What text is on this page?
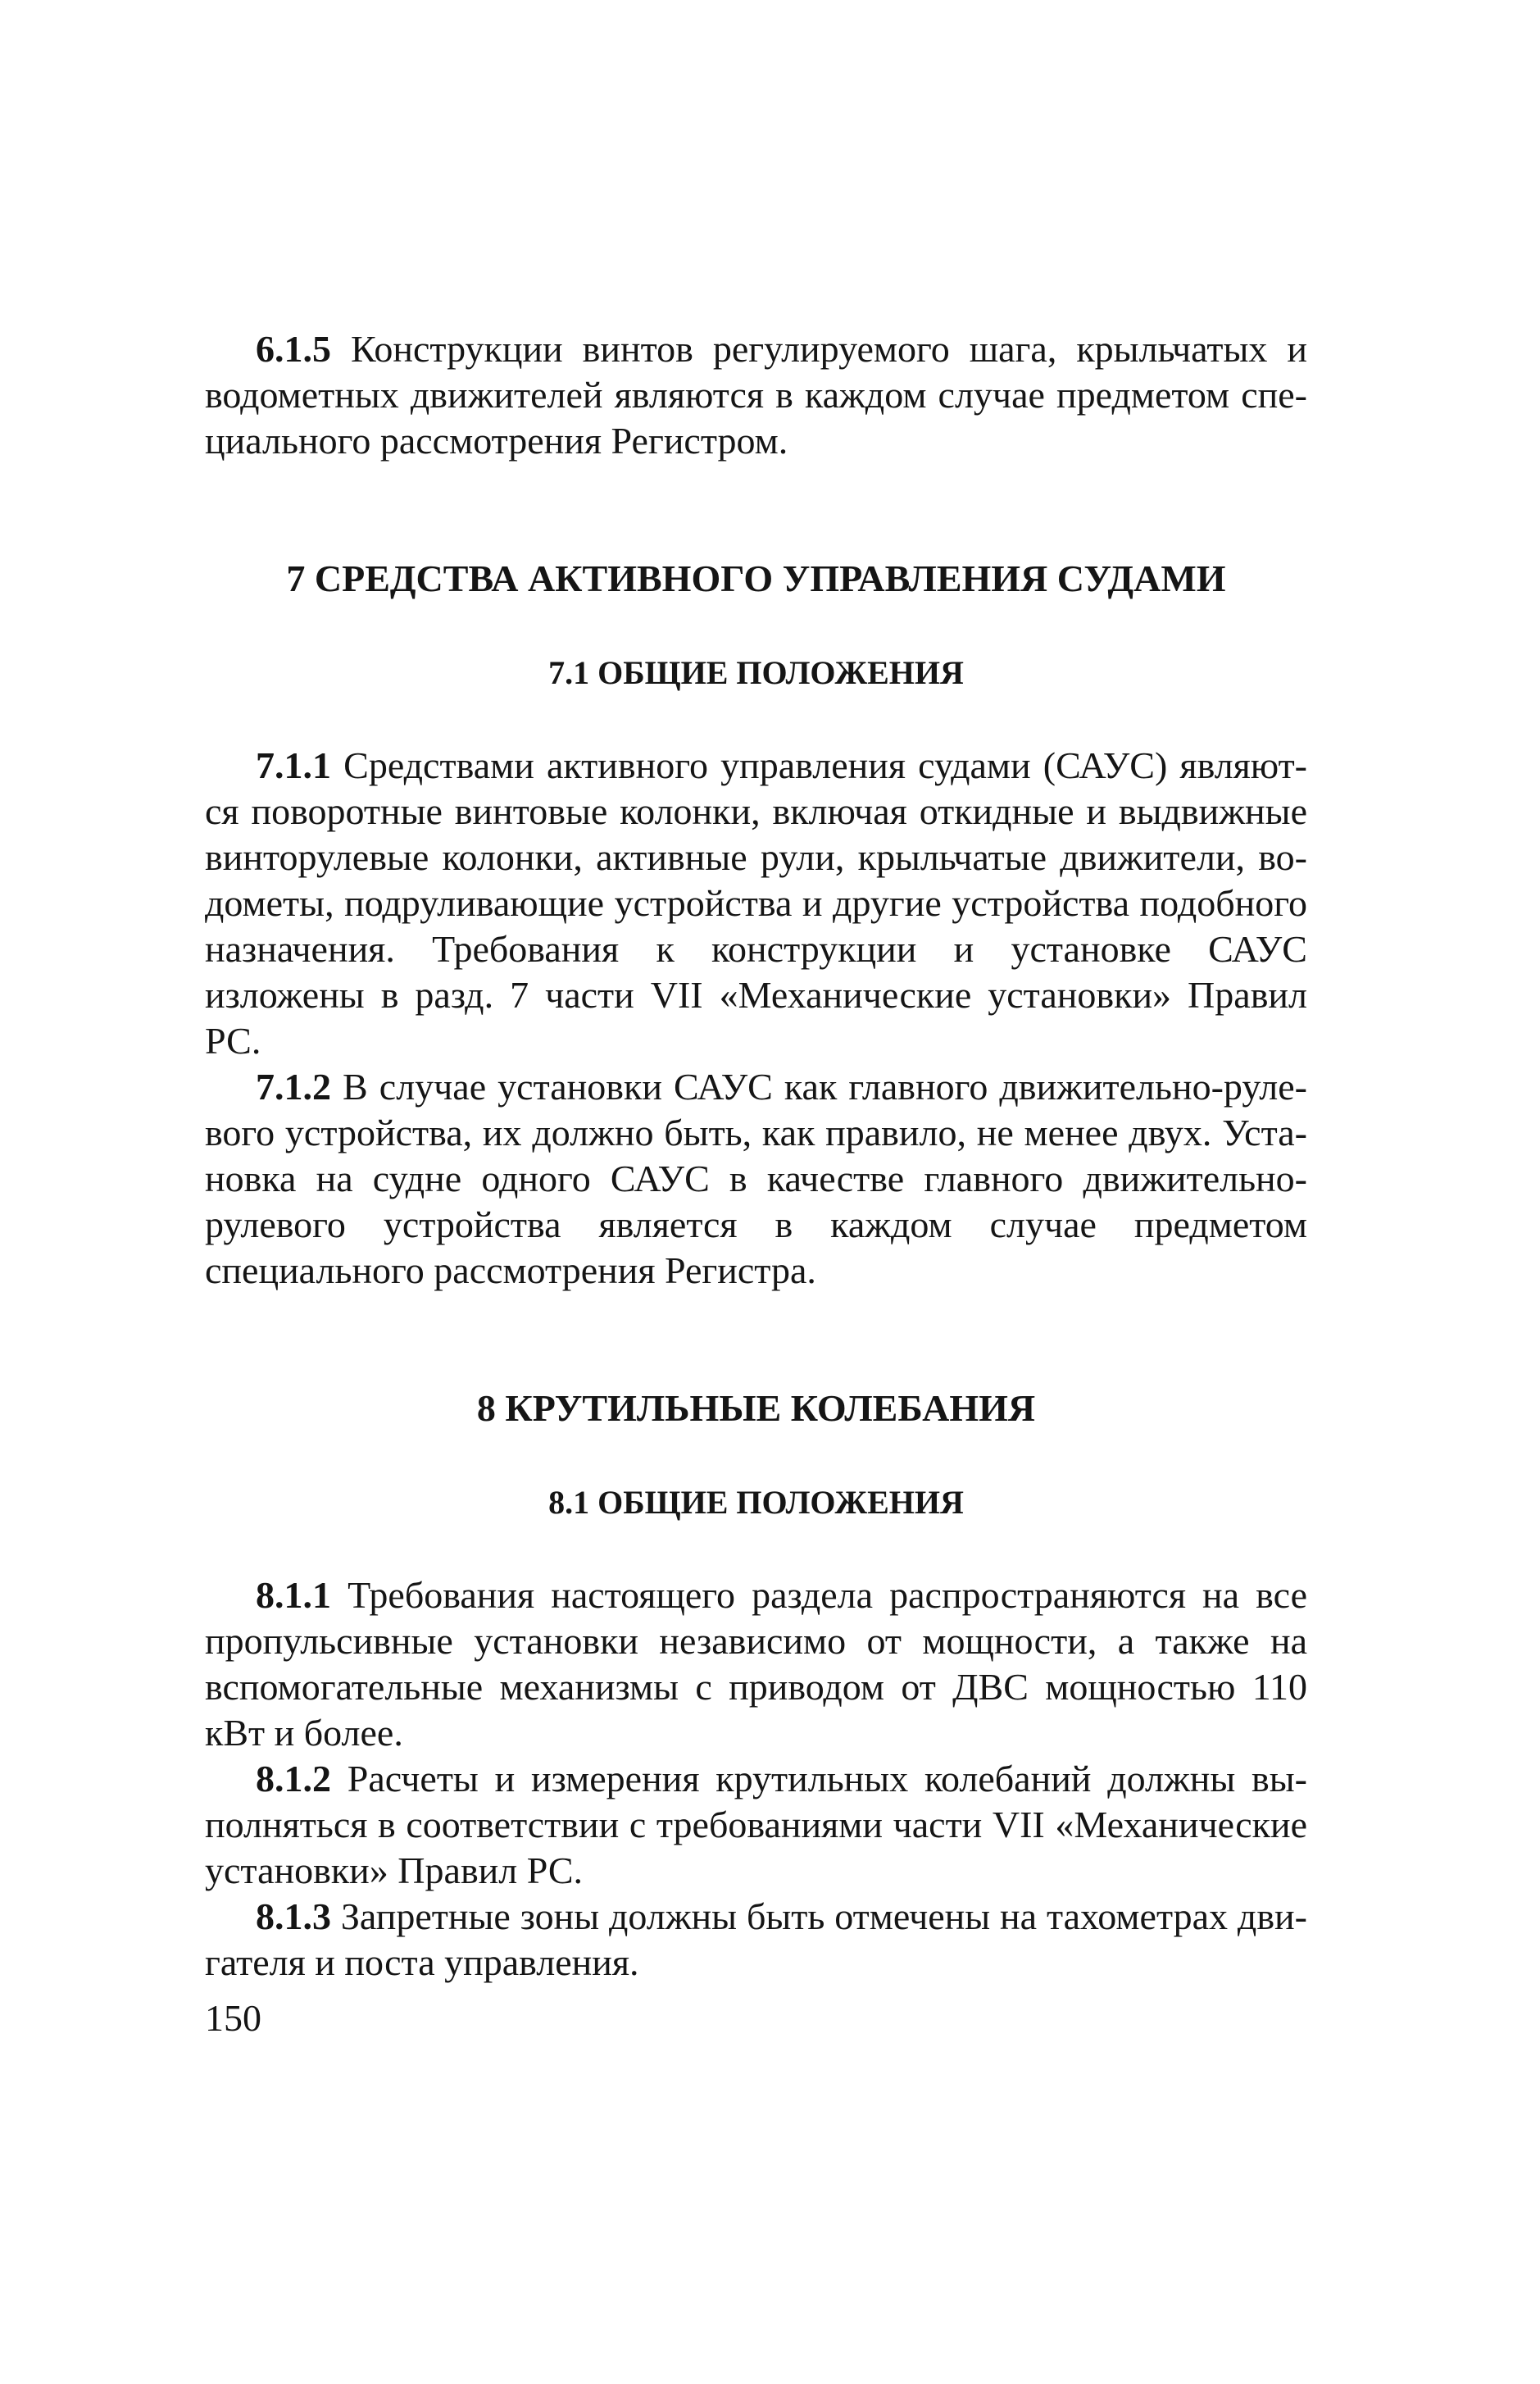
6.1.5 Конструкции винтов регулируемого шага, крыльчатых и водометных движителей являются в каждом случае предметом специального рассмотрения Регистром.

7 СРЕДСТВА АКТИВНОГО УПРАВЛЕНИЯ СУДАМИ
7.1 ОБЩИЕ ПОЛОЖЕНИЯ

7.1.1 Средствами активного управления судами (САУС) являются поворотные винтовые колонки, включая откидные и выдвижные винторулевые колонки, активные рули, крыльчатые движители, водометы, подруливающие устройства и другие устройства подобного назначения. Требования к конструкции и установке САУС изложены в разд. 7 части VII «Механические установки» Правил РС.

7.1.2 В случае установки САУС как главного движительно-рулевого устройства, их должно быть, как правило, не менее двух. Установка на судне одного САУС в качестве главного движительно-рулевого устройства является в каждом случае предметом специального рассмотрения Регистра.

8 КРУТИЛЬНЫЕ КОЛЕБАНИЯ
8.1 ОБЩИЕ ПОЛОЖЕНИЯ

8.1.1 Требования настоящего раздела распространяются на все пропульсивные установки независимо от мощности, а также на вспомогательные механизмы с приводом от ДВС мощностью 110 кВт и более.

8.1.2 Расчеты и измерения крутильных колебаний должны выполняться в соответствии с требованиями части VII «Механические установки» Правил РС.

8.1.3 Запретные зоны должны быть отмечены на тахометрах двигателя и поста управления.

150
